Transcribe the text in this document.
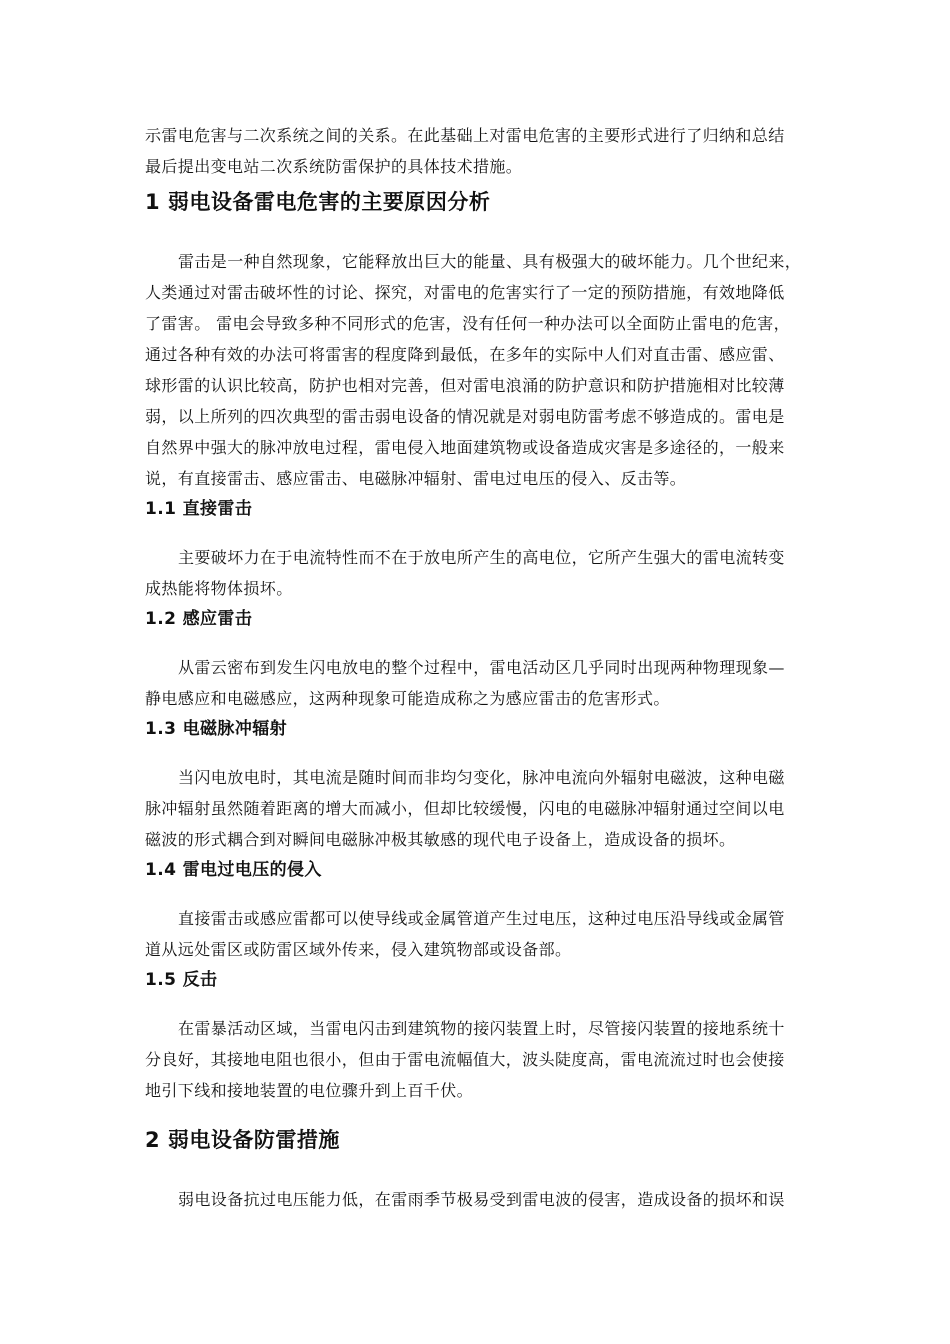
示雷电危害与二次系统之间的关系。在此基础上对雷电危害的主要形式进行了归纳和总结
最后提出变电站二次系统防雷保护的具体技术措施。
1 弱电设备雷电危害的主要原因分析
雷击是一种自然现象，它能释放出巨大的能量、具有极强大的破坏能力。几个世纪来，
人类通过对雷击破坏性的讨论、探究，对雷电的危害实行了一定的预防措施，有效地降低
了雷害。 雷电会导致多种不同形式的危害，没有任何一种办法可以全面防止雷电的危害，
通过各种有效的办法可将雷害的程度降到最低，在多年的实际中人们对直击雷、感应雷、
球形雷的认识比较高，防护也相对完善，但对雷电浪涌的防护意识和防护措施相对比较薄
弱，以上所列的四次典型的雷击弱电设备的情况就是对弱电防雷考虑不够造成的。雷电是
自然界中强大的脉冲放电过程，雷电侵入地面建筑物或设备造成灾害是多途径的，一般来
说，有直接雷击、感应雷击、电磁脉冲辐射、雷电过电压的侵入、反击等。
1.1 直接雷击
主要破坏力在于电流特性而不在于放电所产生的高电位，它所产生强大的雷电流转变
成热能将物体损坏。
1.2 感应雷击
从雷云密布到发生闪电放电的整个过程中，雷电活动区几乎同时出现两种物理现象—
静电感应和电磁感应，这两种现象可能造成称之为感应雷击的危害形式。
1.3 电磁脉冲辐射
当闪电放电时，其电流是随时间而非均匀变化，脉冲电流向外辐射电磁波，这种电磁
脉冲辐射虽然随着距离的增大而减小，但却比较缓慢，闪电的电磁脉冲辐射通过空间以电
磁波的形式耦合到对瞬间电磁脉冲极其敏感的现代电子设备上，造成设备的损坏。
1.4 雷电过电压的侵入
直接雷击或感应雷都可以使导线或金属管道产生过电压，这种过电压沿导线或金属管
道从远处雷区或防雷区域外传来，侵入建筑物部或设备部。
1.5 反击
在雷暴活动区域，当雷电闪击到建筑物的接闪装置上时，尽管接闪装置的接地系统十
分良好，其接地电阻也很小，但由于雷电流幅值大，波头陡度高，雷电流流过时也会使接
地引下线和接地装置的电位骤升到上百千伏。
2 弱电设备防雷措施
弱电设备抗过电压能力低，在雷雨季节极易受到雷电波的侵害，造成设备的损坏和误
